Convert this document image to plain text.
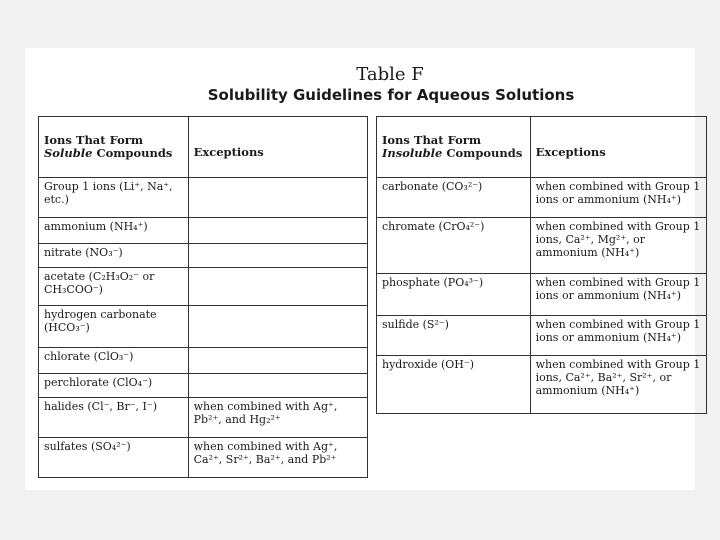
Table F
Solubility Guidelines for Aqueous Solutions
Ions That Form
Soluble Compounds	Exceptions
Group 1 ions (Li⁺, Na⁺, etc.)	
ammonium (NH₄⁺)	
nitrate (NO₃⁻)	
acetate (C₂H₃O₂⁻ or CH₃COO⁻)	
hydrogen carbonate (HCO₃⁻)	
chlorate (ClO₃⁻)	
perchlorate (ClO₄⁻)	
halides (Cl⁻, Br⁻, I⁻)	when combined with Ag⁺, Pb²⁺, and Hg₂²⁺
sulfates (SO₄²⁻)	when combined with Ag⁺, Ca²⁺, Sr²⁺, Ba²⁺, and Pb²⁺
Ions That Form
Insoluble Compounds	Exceptions
carbonate (CO₃²⁻)	when combined with Group 1 ions or ammonium (NH₄⁺)
chromate (CrO₄²⁻)	when combined with Group 1 ions, Ca²⁺, Mg²⁺, or ammonium (NH₄⁺)
phosphate (PO₄³⁻)	when combined with Group 1 ions or ammonium (NH₄⁺)
sulfide (S²⁻)	when combined with Group 1 ions or ammonium (NH₄⁺)
hydroxide (OH⁻)	when combined with Group 1 ions, Ca²⁺, Ba²⁺, Sr²⁺, or ammonium (NH₄⁺)
